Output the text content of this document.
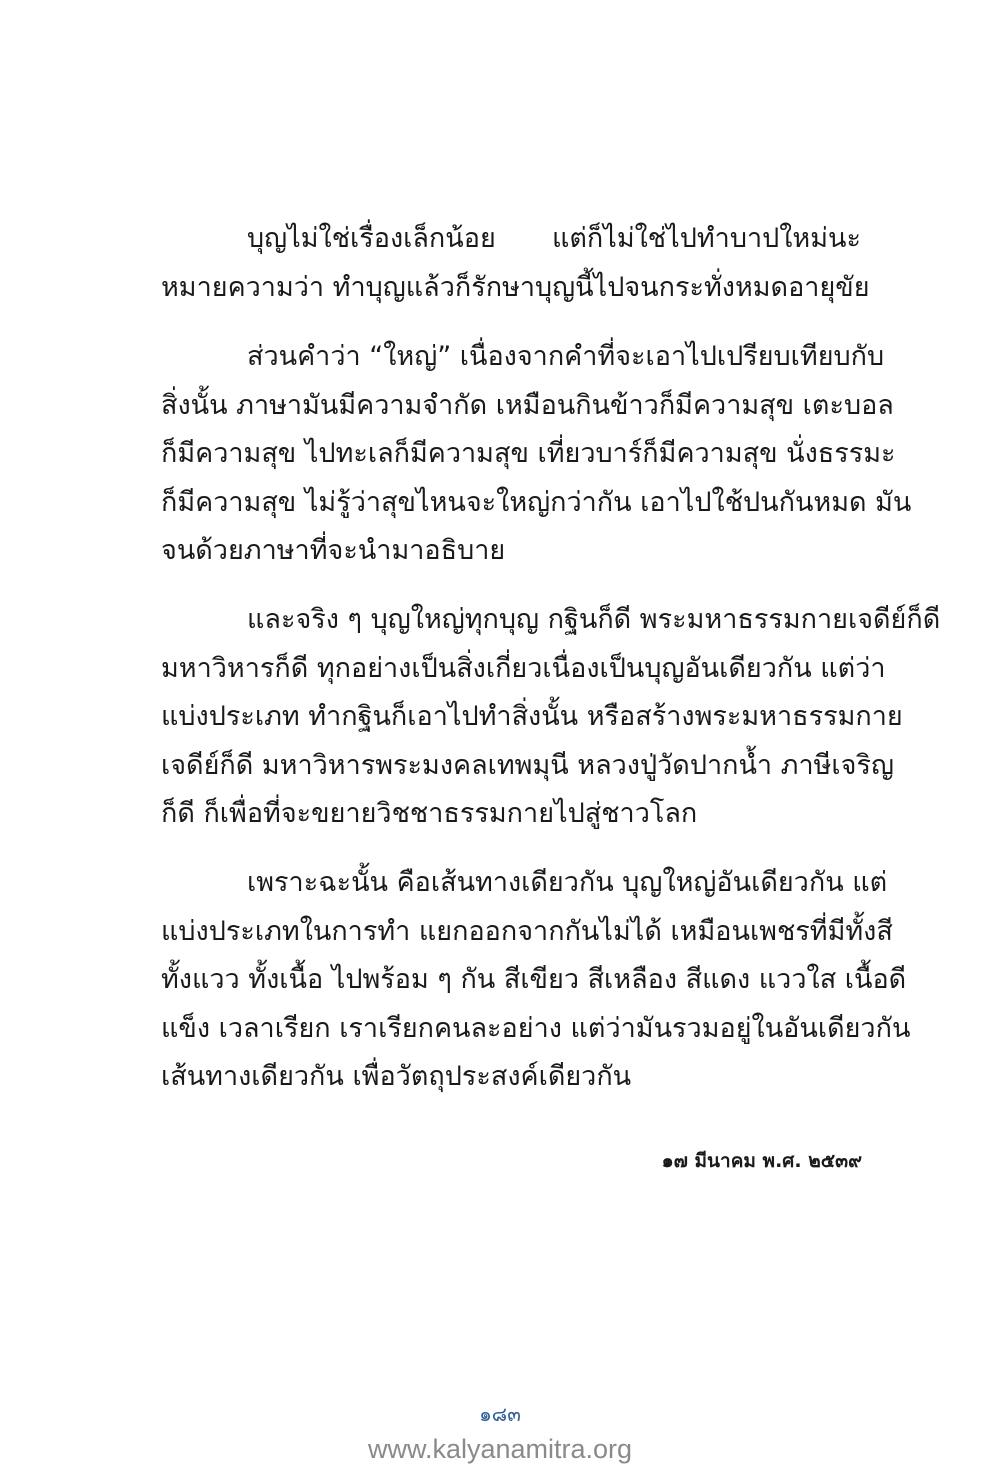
บุญไม่ใช่เรื่องเล็กน้อย แต่ก็ไม่ใช่ไปทำบาปใหม่นะ
หมายความว่า ทำบุญแล้วก็รักษาบุญนี้ไปจนกระทั่งหมดอายุขัย
ส่วนคำว่า “ใหญ่” เนื่องจากคำที่จะเอาไปเปรียบเทียบกับ
สิ่งนั้น ภาษามันมีความจำกัด เหมือนกินข้าวก็มีความสุข เตะบอล
ก็มีความสุข ไปทะเลก็มีความสุข เที่ยวบาร์ก็มีความสุข นั่งธรรมะ
ก็มีความสุข ไม่รู้ว่าสุขไหนจะใหญ่กว่ากัน เอาไปใช้ปนกันหมด มัน
จนด้วยภาษาที่จะนำมาอธิบาย
และจริง ๆ บุญใหญ่ทุกบุญ กฐินก็ดี พระมหาธรรมกายเจดีย์ก็ดี
มหาวิหารก็ดี ทุกอย่างเป็นสิ่งเกี่ยวเนื่องเป็นบุญอันเดียวกัน แต่ว่า
แบ่งประเภท ทำกฐินก็เอาไปทำสิ่งนั้น หรือสร้างพระมหาธรรมกาย
เจดีย์ก็ดี มหาวิหารพระมงคลเทพมุนี หลวงปู่วัดปากน้ำ ภาษีเจริญ
ก็ดี ก็เพื่อที่จะขยายวิชชาธรรมกายไปสู่ชาวโลก
เพราะฉะนั้น คือเส้นทางเดียวกัน บุญใหญ่อันเดียวกัน แต่
แบ่งประเภทในการทำ แยกออกจากกันไม่ได้ เหมือนเพชรที่มีทั้งสี
ทั้งแวว ทั้งเนื้อ ไปพร้อม ๆ กัน สีเขียว สีเหลือง สีแดง แววใส เนื้อดี
แข็ง เวลาเรียก เราเรียกคนละอย่าง แต่ว่ามันรวมอยู่ในอันเดียวกัน
เส้นทางเดียวกัน เพื่อวัตถุประสงค์เดียวกัน
๑๗ มีนาคม พ.ศ. ๒๕๓๙
๑๘๓
www.kalyanamitra.org
